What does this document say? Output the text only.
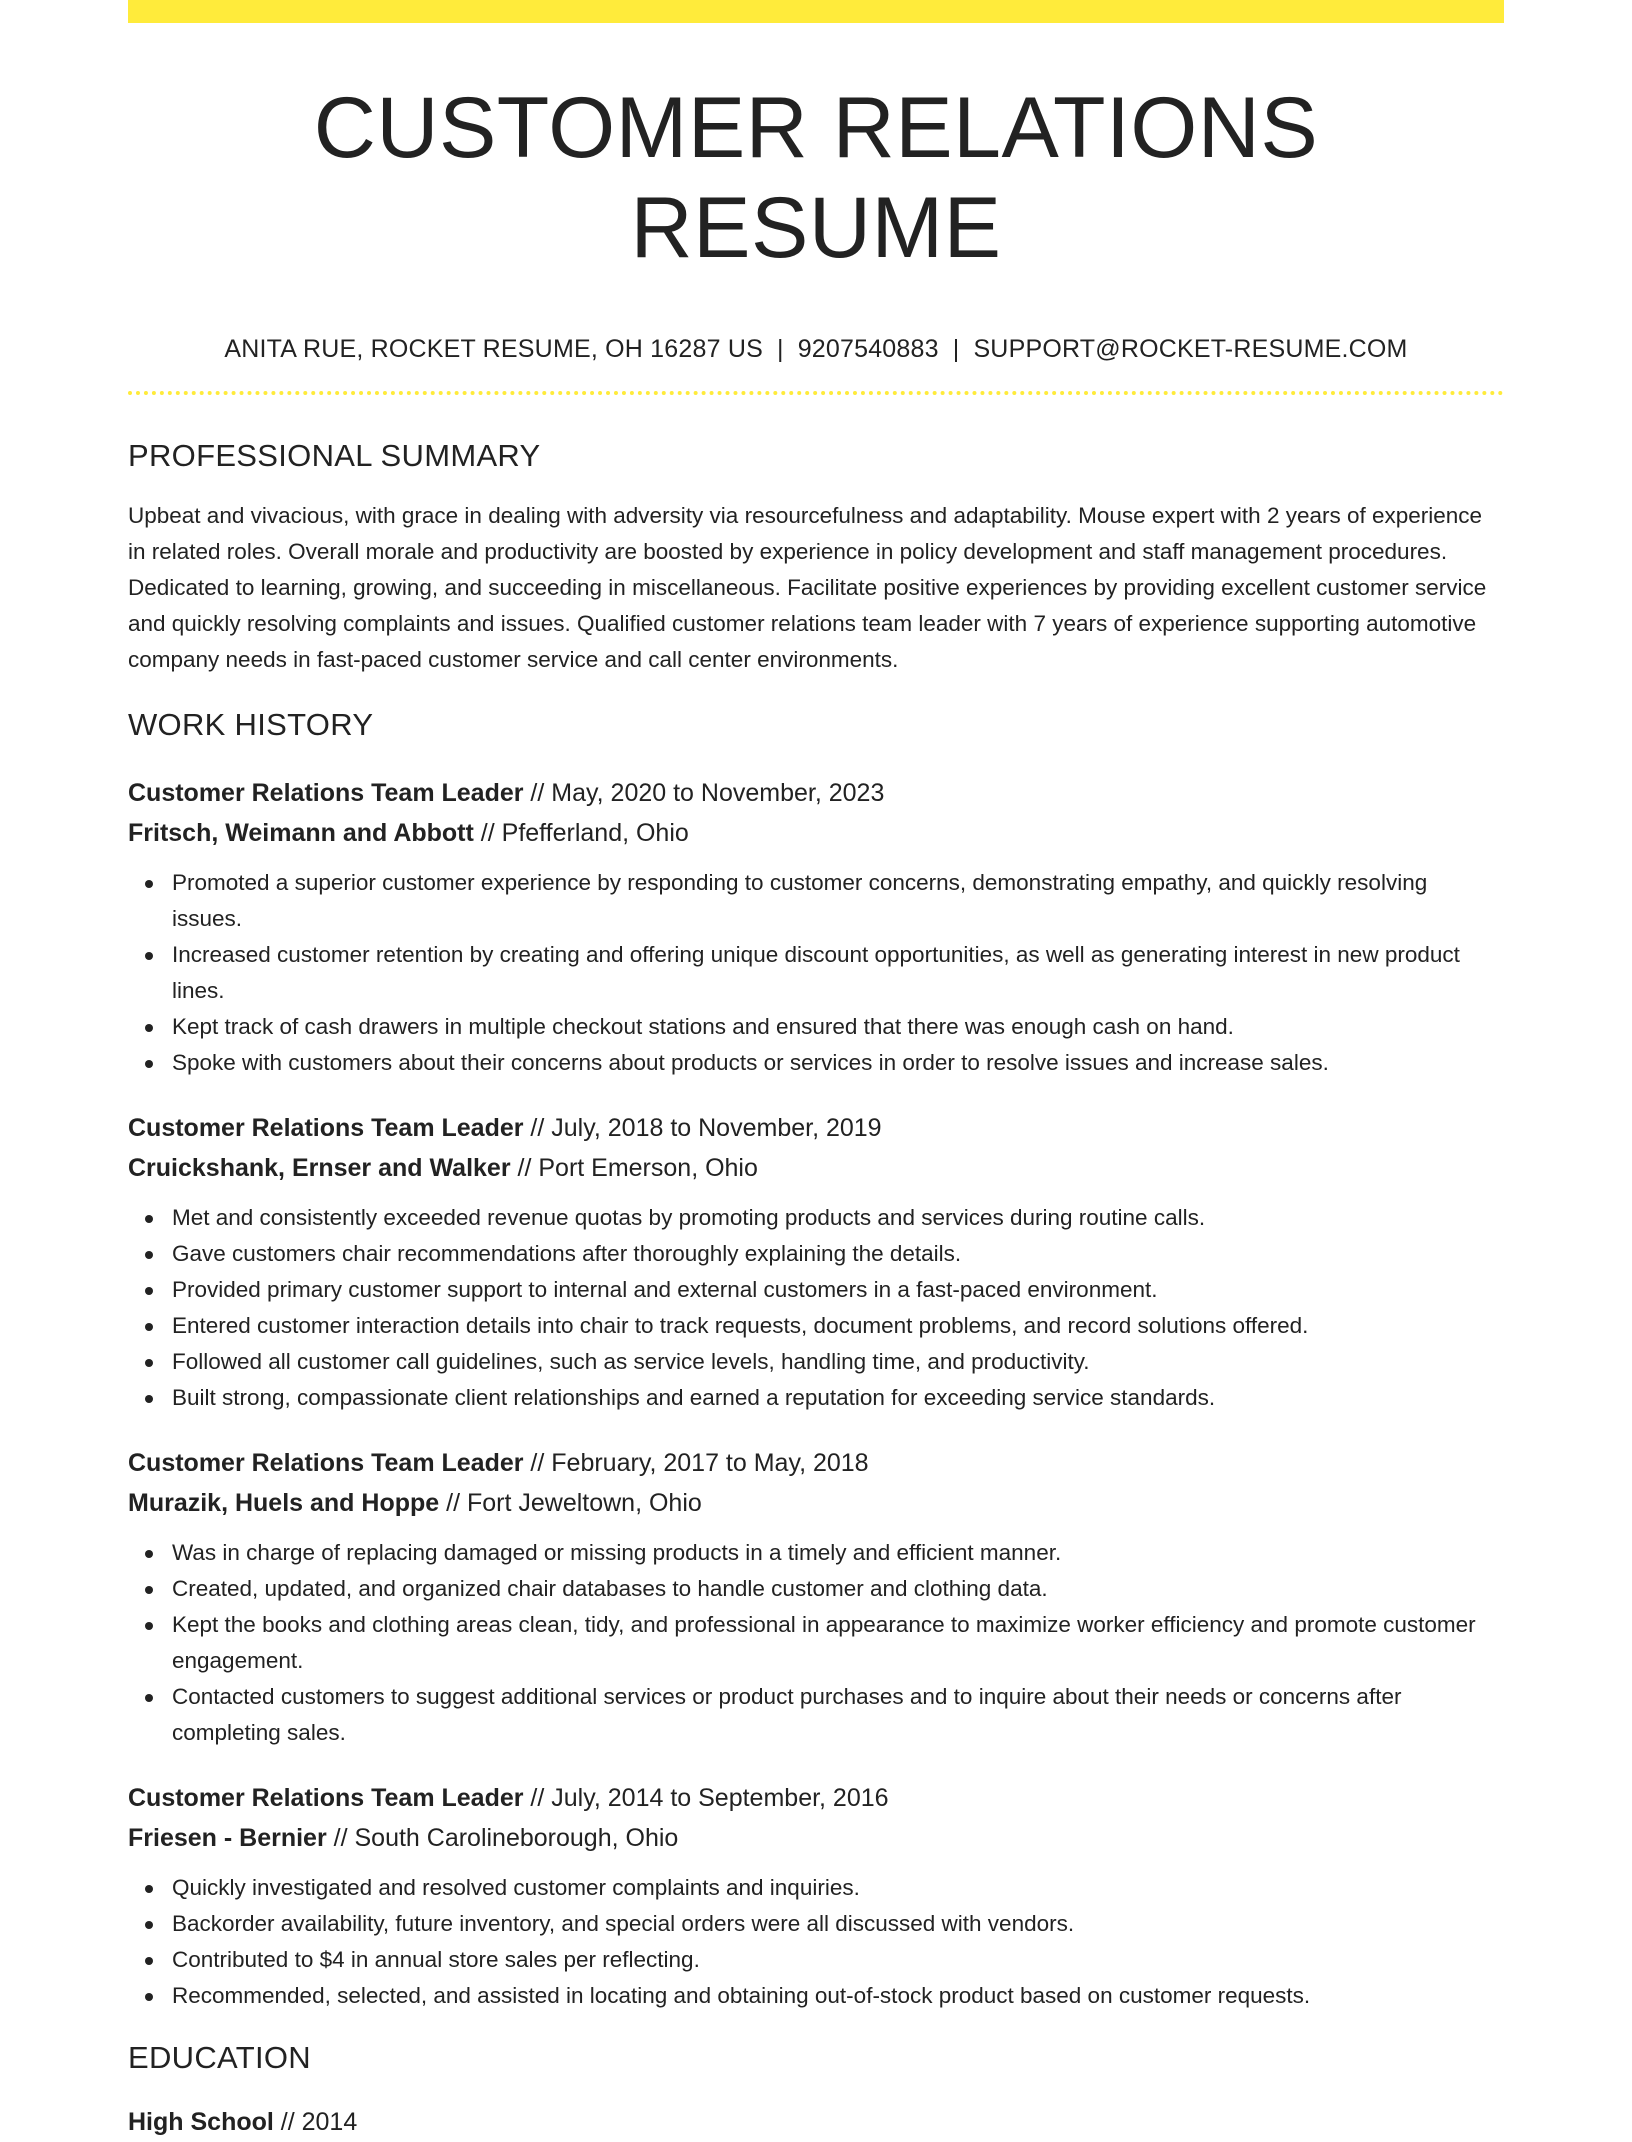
CUSTOMER RELATIONS RESUME
ANITA RUE, ROCKET RESUME, OH 16287 US | 9207540883 | SUPPORT@ROCKET-RESUME.COM
PROFESSIONAL SUMMARY

Upbeat and vivacious, with grace in dealing with adversity via resourcefulness and adaptability. Mouse expert with 2 years of experience in related roles. Overall morale and productivity are boosted by experience in policy development and staff management procedures. Dedicated to learning, growing, and succeeding in miscellaneous. Facilitate positive experiences by providing excellent customer service and quickly resolving complaints and issues. Qualified customer relations team leader with 7 years of experience supporting automotive company needs in fast-paced customer service and call center environments.

WORK HISTORY
Customer Relations Team Leader // May, 2020 to November, 2023
Fritsch, Weimann and Abbott // Pfefferland, Ohio
Promoted a superior customer experience by responding to customer concerns, demonstrating empathy, and quickly resolving issues.
Increased customer retention by creating and offering unique discount opportunities, as well as generating interest in new product lines.
Kept track of cash drawers in multiple checkout stations and ensured that there was enough cash on hand.
Spoke with customers about their concerns about products or services in order to resolve issues and increase sales.
Customer Relations Team Leader // July, 2018 to November, 2019
Cruickshank, Ernser and Walker // Port Emerson, Ohio
Met and consistently exceeded revenue quotas by promoting products and services during routine calls.
Gave customers chair recommendations after thoroughly explaining the details.
Provided primary customer support to internal and external customers in a fast-paced environment.
Entered customer interaction details into chair to track requests, document problems, and record solutions offered.
Followed all customer call guidelines, such as service levels, handling time, and productivity.
Built strong, compassionate client relationships and earned a reputation for exceeding service standards.
Customer Relations Team Leader // February, 2017 to May, 2018
Murazik, Huels and Hoppe // Fort Jeweltown, Ohio
Was in charge of replacing damaged or missing products in a timely and efficient manner.
Created, updated, and organized chair databases to handle customer and clothing data.
Kept the books and clothing areas clean, tidy, and professional in appearance to maximize worker efficiency and promote customer engagement.
Contacted customers to suggest additional services or product purchases and to inquire about their needs or concerns after completing sales.
Customer Relations Team Leader // July, 2014 to September, 2016
Friesen - Bernier // South Carolineborough, Ohio
Quickly investigated and resolved customer complaints and inquiries.
Backorder availability, future inventory, and special orders were all discussed with vendors.
Contributed to $4 in annual store sales per reflecting.
Recommended, selected, and assisted in locating and obtaining out-of-stock product based on customer requests.
EDUCATION
High School // 2014
